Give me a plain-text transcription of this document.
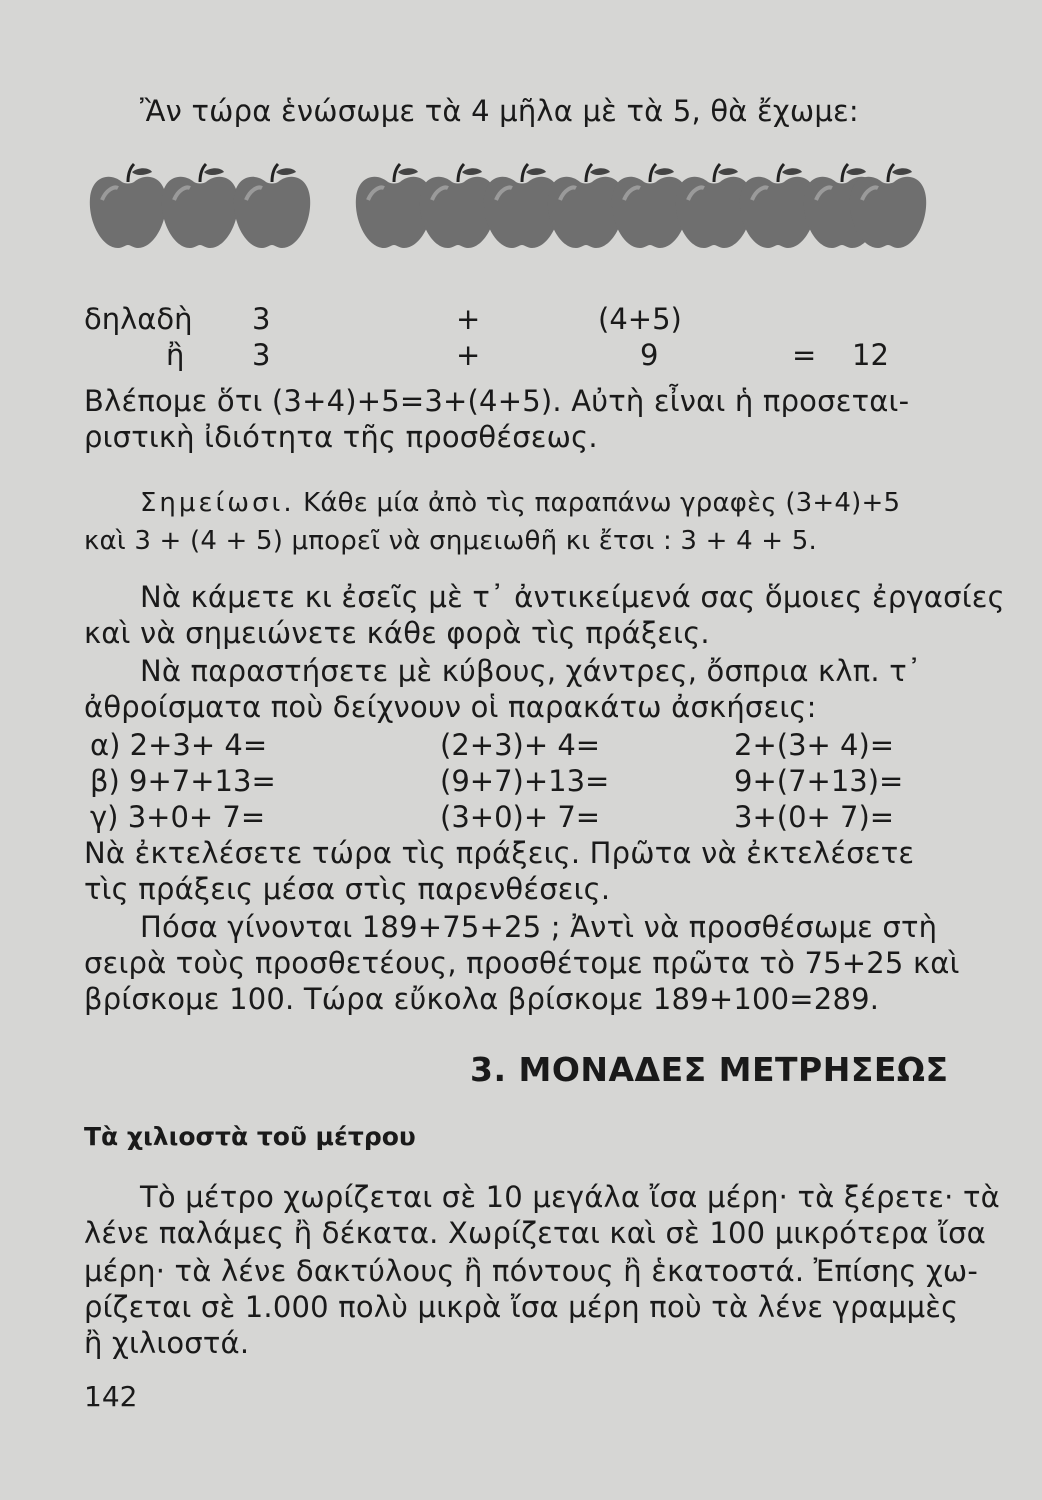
Ἂν τώρα ἑνώσωμε τὰ 4 μῆλα μὲ τὰ 5, θὰ ἔχωμε:
δηλαδὴ 3	+	(4+5)
ἢ 3	+	9	= 12
Βλέπομε ὅτι (3+4)+5=3+(4+5). Αὐτὴ εἶναι ἡ προσεται-
ριστικὴ ἰδιότητα τῆς προσθέσεως.
Σημείωσι. Κάθε μία ἀπὸ τὶς παραπάνω γραφὲς (3+4)+5
καὶ 3 + (4 + 5) μπορεῖ νὰ σημειωθῆ κι ἔτσι : 3 + 4 + 5.
Νὰ κάμετε κι ἐσεῖς μὲ τ᾽ ἀντικείμενά σας ὅμοιες ἐργασίες
καὶ νὰ σημειώνετε κάθε φορὰ τὶς πράξεις.
Νὰ παραστήσετε μὲ κύβους, χάντρες, ὄσπρια κλπ. τ᾽
ἀθροίσματα ποὺ δείχνουν οἱ παρακάτω ἀσκήσεις:
α) 2+3+ 4=	(2+3)+ 4=	2+(3+ 4)=
β) 9+7+13=	(9+7)+13=	9+(7+13)=
γ) 3+0+ 7=	(3+0)+ 7=	3+(0+ 7)=
Νὰ ἐκτελέσετε τώρα τὶς πράξεις. Πρῶτα νὰ ἐκτελέσετε
τὶς πράξεις μέσα στὶς παρενθέσεις.
Πόσα γίνονται 189+75+25 ; Ἀντὶ νὰ προσθέσωμε στὴ
σειρὰ τοὺς προσθετέους, προσθέτομε πρῶτα τὸ 75+25 καὶ
βρίσκομε 100. Τώρα εὔκολα βρίσκομε 189+100=289.
3. ΜΟΝΑΔΕΣ ΜΕΤΡΗΣΕΩΣ
Τὰ χιλιοστὰ τοῦ μέτρου
Τὸ μέτρο χωρίζεται σὲ 10 μεγάλα ἴσα μέρη· τὰ ξέρετε· τὰ
λένε παλάμες ἢ δέκατα. Χωρίζεται καὶ σὲ 100 μικρότερα ἴσα
μέρη· τὰ λένε δακτύλους ἢ πόντους ἢ ἑκατοστά. Ἐπίσης χω-
ρίζεται σὲ 1.000 πολὺ μικρὰ ἴσα μέρη ποὺ τὰ λένε γραμμὲς
ἢ χιλιοστά.
142
